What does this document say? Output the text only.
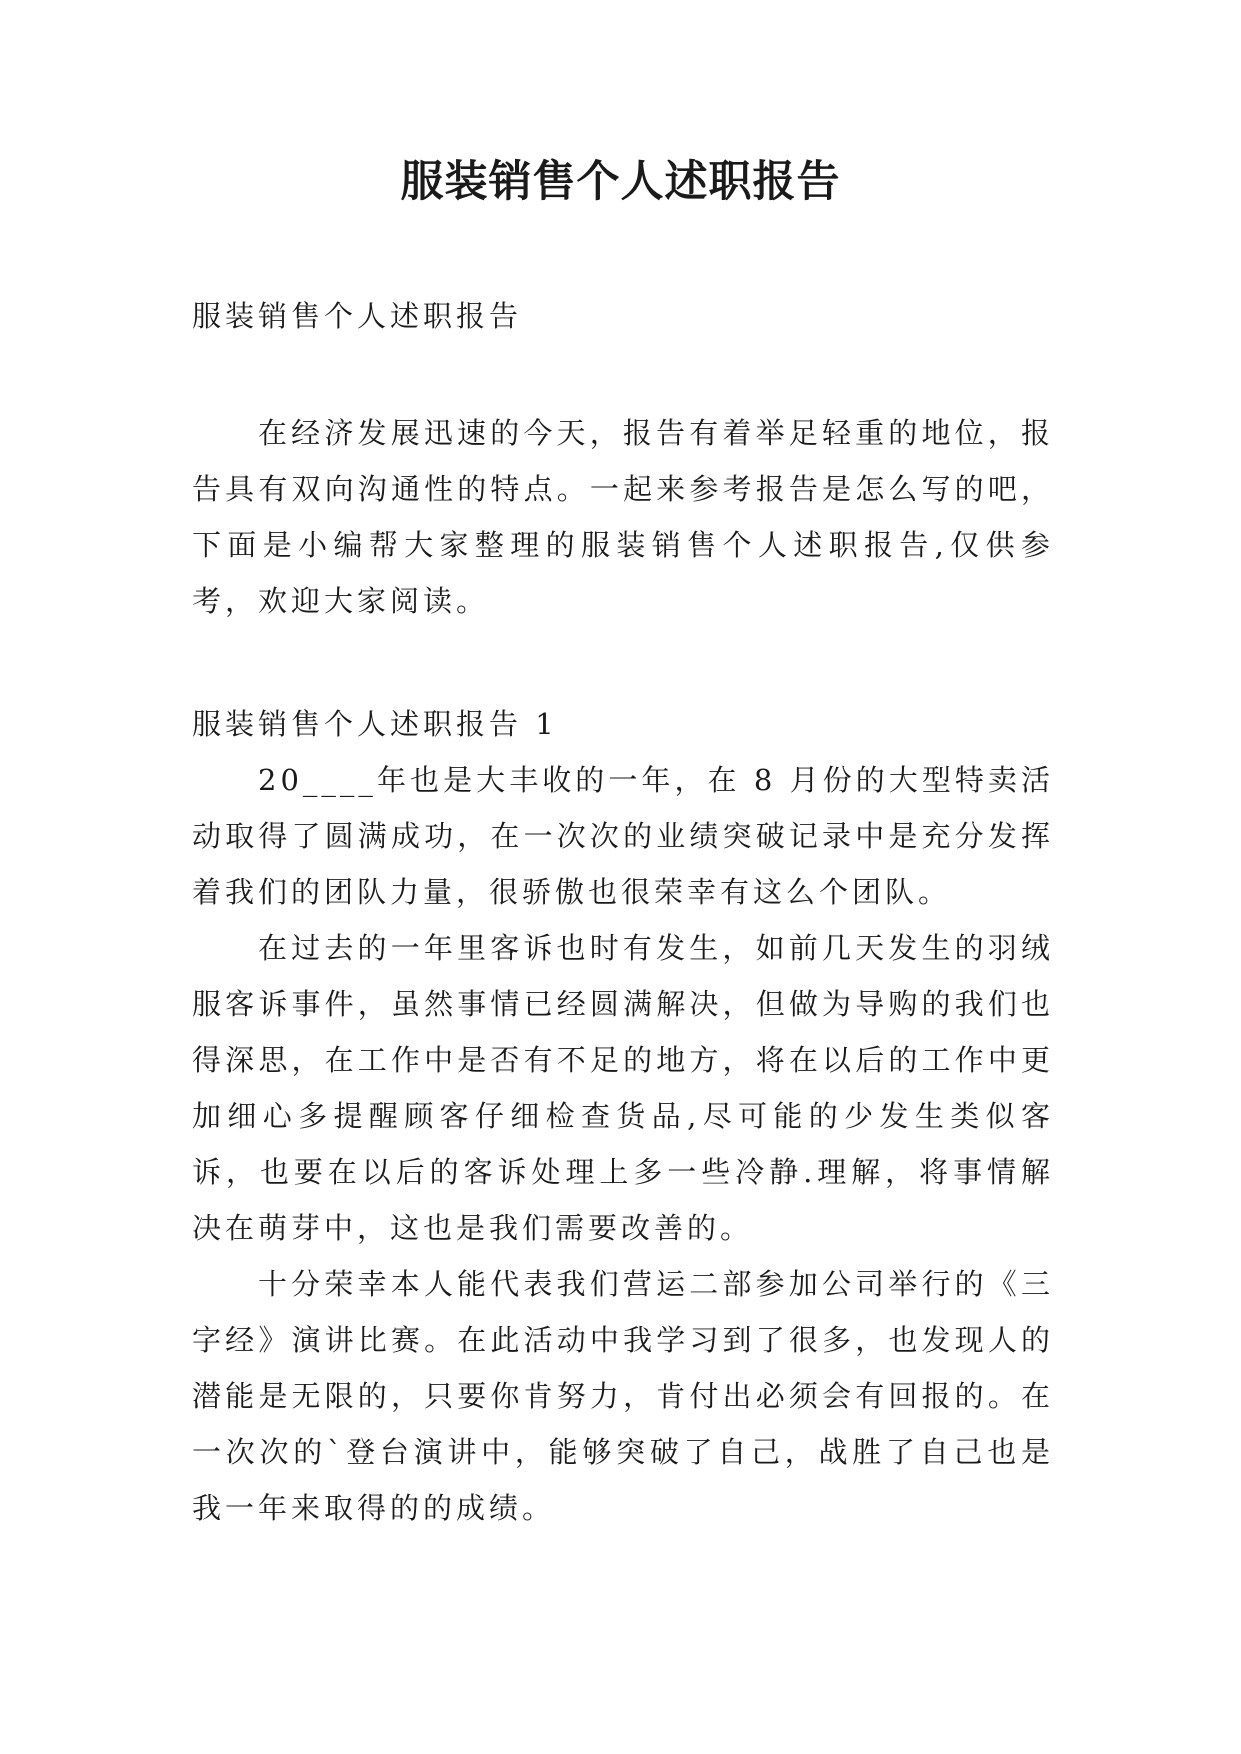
服装销售个人述职报告

服装销售个人述职报告

在经济发展迅速的今天，报告有着举足轻重的地位，报告具有双向沟通性的特点。一起来参考报告是怎么写的吧，下面是小编帮大家整理的服装销售个人述职报告,仅供参考，欢迎大家阅读。

服装销售个人述职报告 1

20____年也是大丰收的一年，在 8 月份的大型特卖活动取得了圆满成功，在一次次的业绩突破记录中是充分发挥着我们的团队力量，很骄傲也很荣幸有这么个团队。

在过去的一年里客诉也时有发生，如前几天发生的羽绒服客诉事件，虽然事情已经圆满解决，但做为导购的我们也得深思，在工作中是否有不足的地方，将在以后的工作中更加细心多提醒顾客仔细检查货品,尽可能的少发生类似客诉，也要在以后的客诉处理上多一些冷静.理解，将事情解决在萌芽中，这也是我们需要改善的。

十分荣幸本人能代表我们营运二部参加公司举行的《三字经》演讲比赛。在此活动中我学习到了很多，也发现人的潜能是无限的，只要你肯努力，肯付出必须会有回报的。在一次次的`登台演讲中，能够突破了自己，战胜了自己也是我一年来取得的的成绩。
